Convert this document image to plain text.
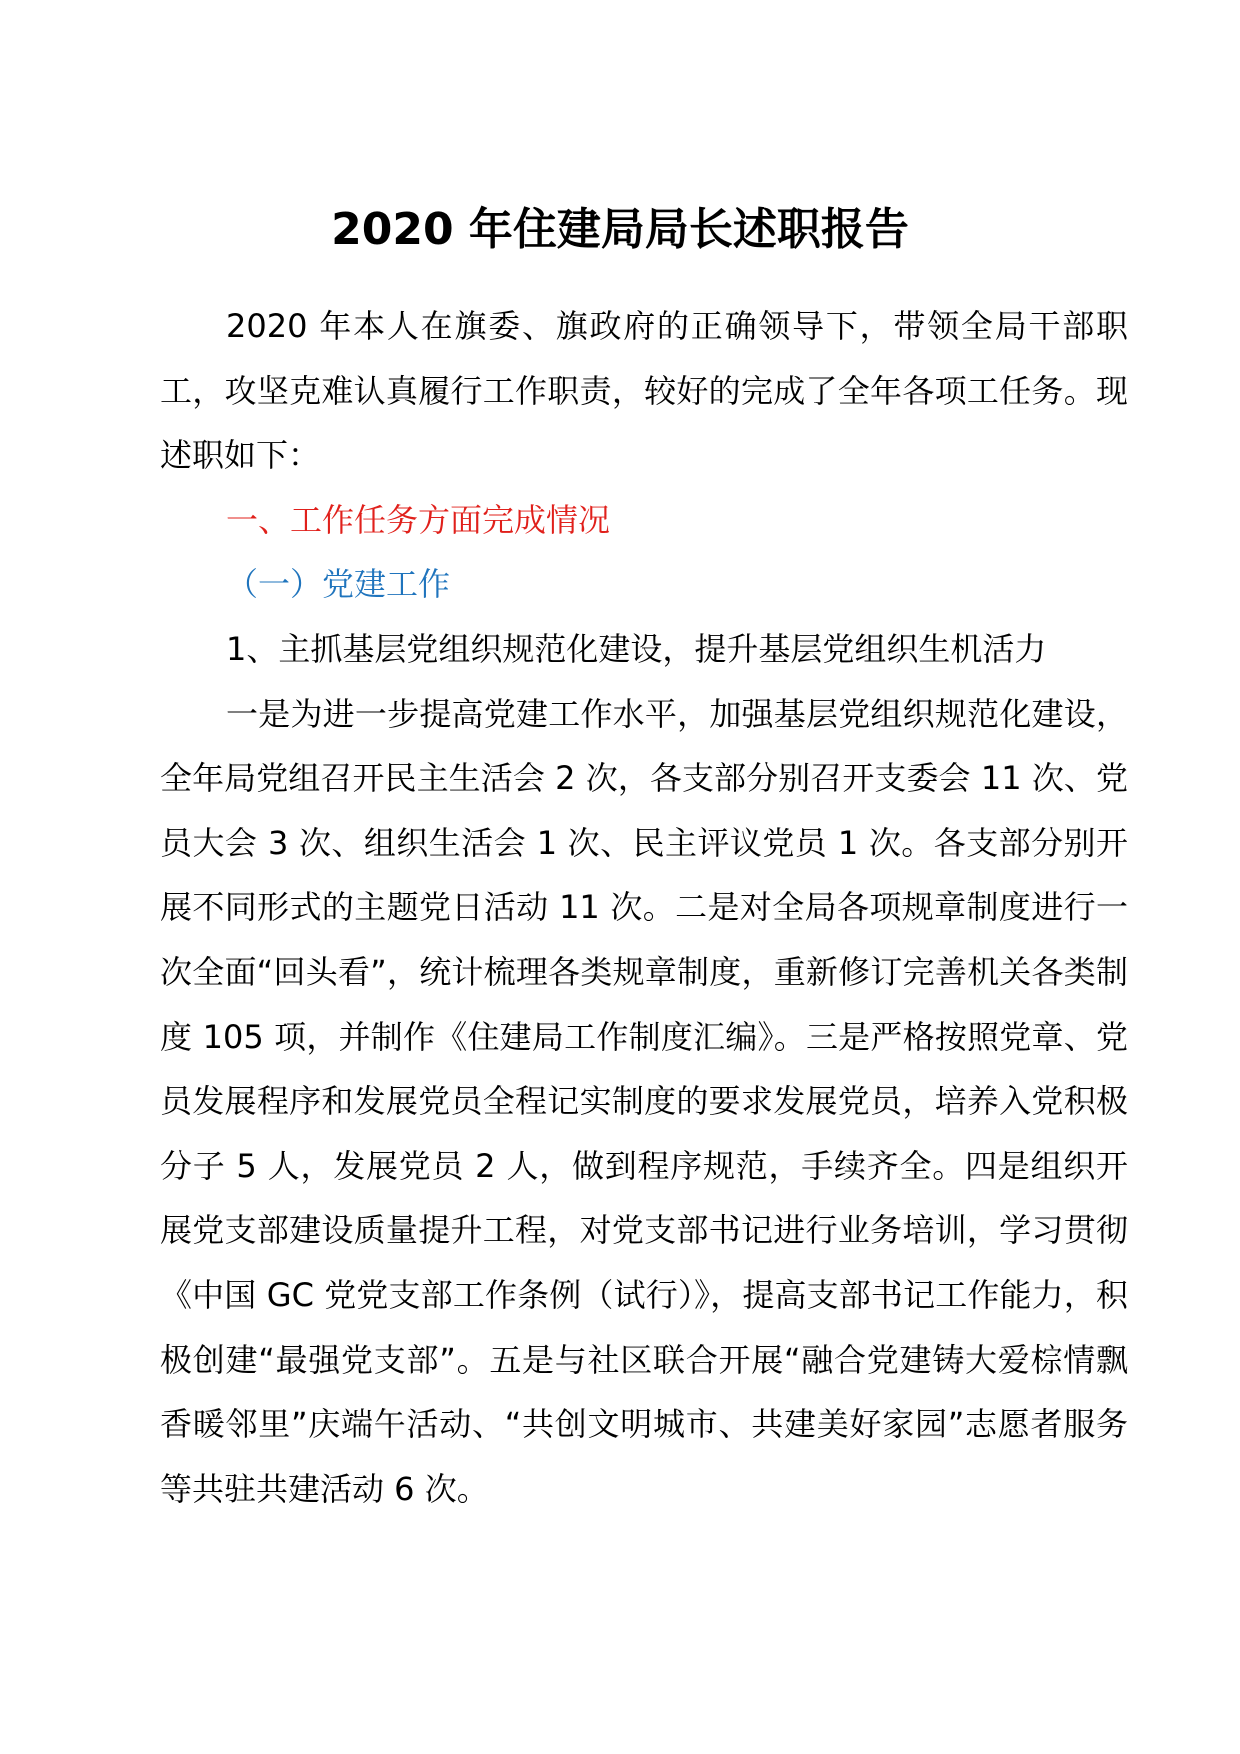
2020 年住建局局长述职报告

2020 年本人在旗委、旗政府的正确领导下，带领全局干部职工，攻坚克难认真履行工作职责，较好的完成了全年各项工任务。现述职如下：

一、工作任务方面完成情况

（一）党建工作

1、主抓基层党组织规范化建设，提升基层党组织生机活力

一是为进一步提高党建工作水平，加强基层党组织规范化建设，全年局党组召开民主生活会 2 次，各支部分别召开支委会 11 次、党员大会 3 次、组织生活会 1 次、民主评议党员 1 次。各支部分别开展不同形式的主题党日活动 11 次。二是对全局各项规章制度进行一次全面“回头看”，统计梳理各类规章制度，重新修订完善机关各类制度 105 项，并制作《住建局工作制度汇编》。三是严格按照党章、党员发展程序和发展党员全程记实制度的要求发展党员，培养入党积极分子 5 人，发展党员 2 人，做到程序规范，手续齐全。四是组织开展党支部建设质量提升工程，对党支部书记进行业务培训，学习贯彻《中国 GC 党党支部工作条例（试行）》，提高支部书记工作能力，积极创建“最强党支部”。五是与社区联合开展“融合党建铸大爱棕情飘香暖邻里”庆端午活动、“共创文明城市、共建美好家园”志愿者服务等共驻共建活动 6 次。
